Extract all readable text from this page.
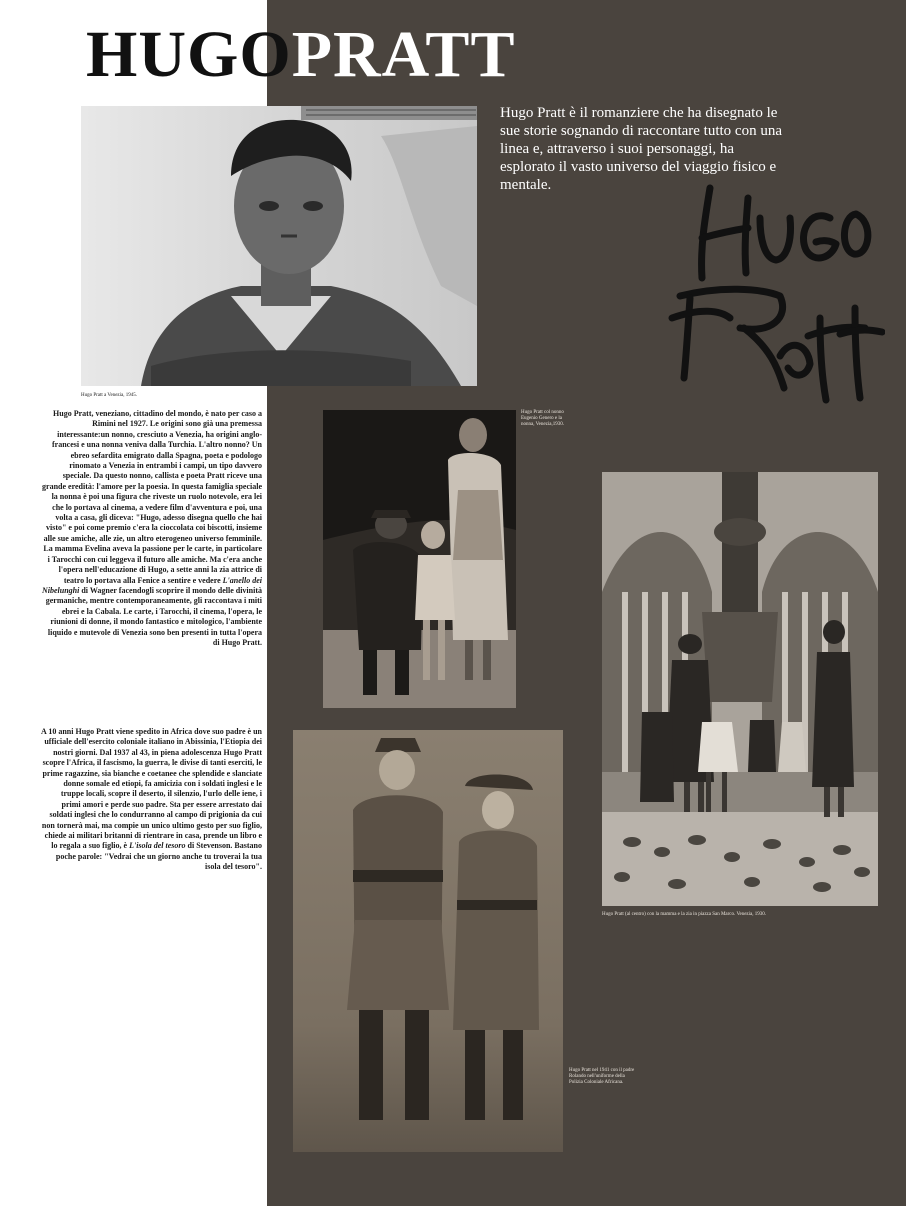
HUGOPRATT
Hugo Pratt è il romanziere che ha disegnato le sue storie sognando di raccontare tutto con una linea e, attraverso i suoi personaggi, ha esplorato il vasto universo del viaggio fisico e mentale.
Hugo Pratt a Venezia, 1945.

Hugo Pratt, veneziano, cittadino del mondo, è nato per caso a Rimini nel 1927. Le origini sono già una premessa interessante:un nonno, cresciuto a Venezia, ha origini anglo-francesi e una nonna veniva dalla Turchia. L'altro nonno? Un ebreo sefardita emigrato dalla Spagna, poeta e podologo rinomato a Venezia in entrambi i campi, un tipo davvero speciale. Da questo nonno, callista e poeta Pratt riceve una grande eredità: l'amore per la poesia. In questa famiglia speciale la nonna è poi una figura che riveste un ruolo notevole, era lei che lo portava al cinema, a vedere film d'avventura e poi, una volta a casa, gli diceva: "Hugo, adesso disegna quello che hai visto" e poi come premio c'era la cioccolata coi biscotti, insieme alle sue amiche, alle zie, un altro eterogeneo universo femminile. La mamma Evelina aveva la passione per le carte, in particolare i Tarocchi con cui leggeva il futuro alle amiche. Ma c'era anche l'opera nell'educazione di Hugo, a sette anni la zia attrice di teatro lo portava alla Fenice a sentire e vedere L'anello dei Nibelunghi di Wagner facendogli scoprire il mondo delle divinità germaniche, mentre contemporaneamente, gli raccontava i miti ebrei e la Cabala. Le carte, i Tarocchi, il cinema, l'opera, le riunioni di donne, il mondo fantastico e mitologico, l'ambiente liquido e mutevole di Venezia sono ben presenti in tutta l'opera di Hugo Pratt.

Hugo Pratt col nonno Eugenio Genero e la nonna, Venezia,1930.
Hugo Pratt (al centro) con la mamma e la zia in piazza San Marco. Venezia, 1930.

A 10 anni Hugo Pratt viene spedito in Africa dove suo padre è un ufficiale dell'esercito coloniale italiano in Abissinia, l'Etiopia dei nostri giorni. Dal 1937 al 43, in piena adolescenza Hugo Pratt scopre l'Africa, il fascismo, la guerra, le divise di tanti eserciti, le prime ragazzine, sia bianche e coetanee che splendide e slanciate donne somale ed etiopi, fa amicizia con i soldati inglesi e le truppe locali, scopre il deserto, il silenzio, l'urlo delle iene, i primi amori e perde suo padre. Sta per essere arrestato dai soldati inglesi che lo condurranno al campo di prigionia da cui non tornerà mai, ma compie un unico ultimo gesto per suo figlio, chiede ai militari britanni di rientrare in casa, prende un libro e lo regala a suo figlio, è L'isola del tesoro di Stevenson. Bastano poche parole: "Vedrai che un giorno anche tu troverai la tua isola del tesoro".

Hugo Pratt nel 1941 con il padre Rolando nell'uniforme della Polizia Coloniale Africana.
